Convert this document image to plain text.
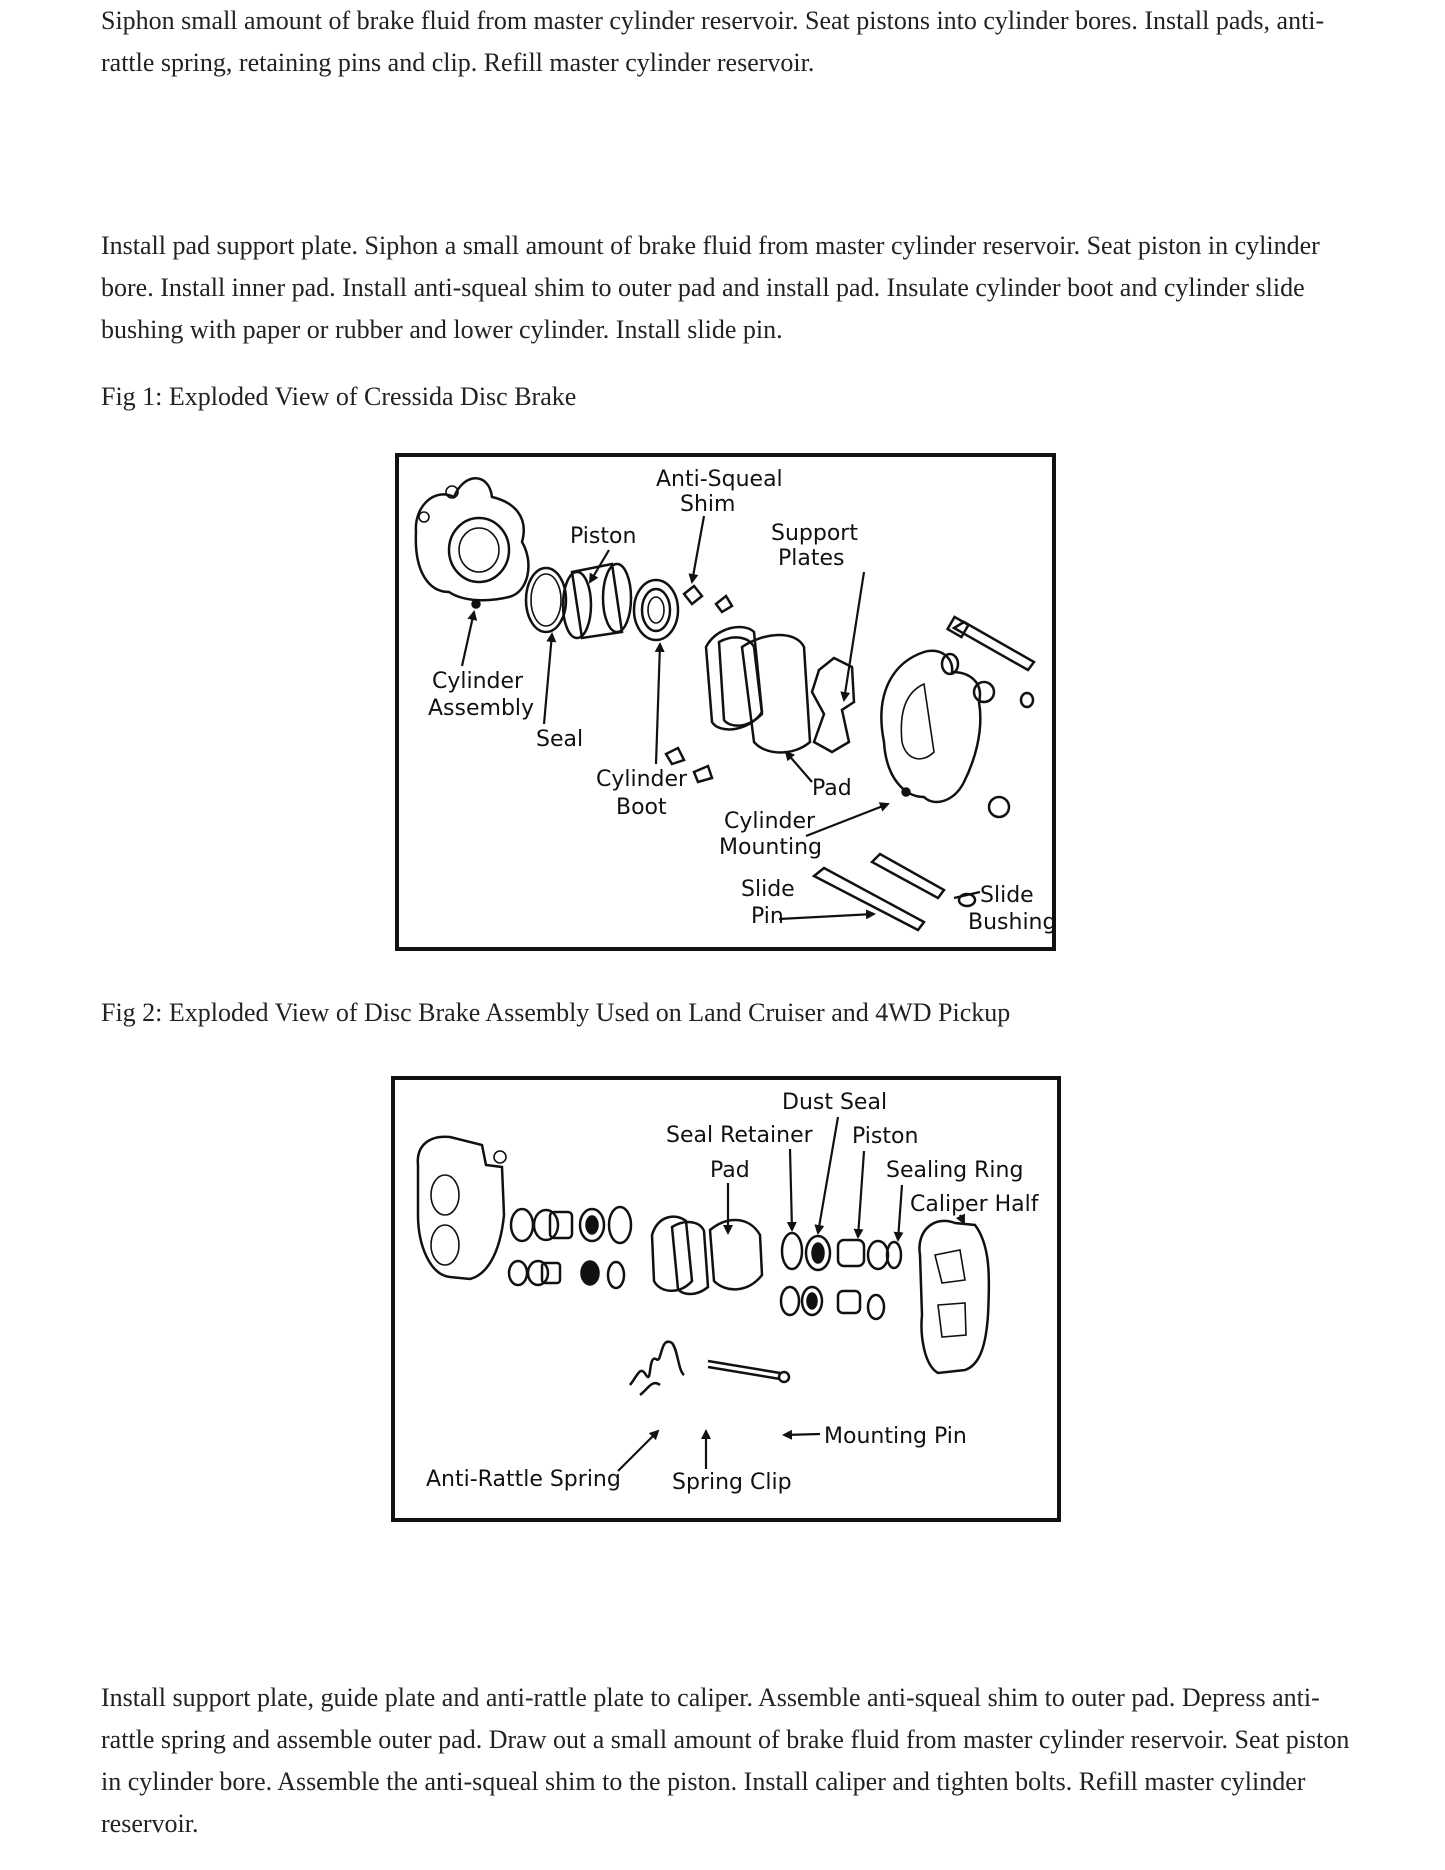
Siphon small amount of brake fluid from master cylinder reservoir. Seat pistons into cylinder bores. Install pads, anti-rattle spring, retaining pins and clip. Refill master cylinder reservoir.

Install pad support plate. Siphon a small amount of brake fluid from master cylinder reservoir. Seat piston in cylinder bore. Install inner pad. Install anti-squeal shim to outer pad and install pad. Insulate cylinder boot and cylinder slide bushing with paper or rubber and lower cylinder. Install slide pin.

Fig 1: Exploded View of Cressida Disc Brake

Anti-Squeal
Shim
Piston	Support
Plates
Cylinder
Assembly
Seal
Cylinder
Boot
Pad
Cylinder
Mounting
Slide
Pin
Slide
Bushing

Fig 2: Exploded View of Disc Brake Assembly Used on Land Cruiser and 4WD Pickup

Dust Seal
Seal Retainer Piston
Pad	Sealing Ring
Caliper Half
Mounting Pin
Anti-Rattle Spring Spring Clip

Install support plate, guide plate and anti-rattle plate to caliper. Assemble anti-squeal shim to outer pad. Depress anti-rattle spring and assemble outer pad. Draw out a small amount of brake fluid from master cylinder reservoir. Seat piston in cylinder bore. Assemble the anti-squeal shim to the piston. Install caliper and tighten bolts. Refill master cylinder reservoir.
